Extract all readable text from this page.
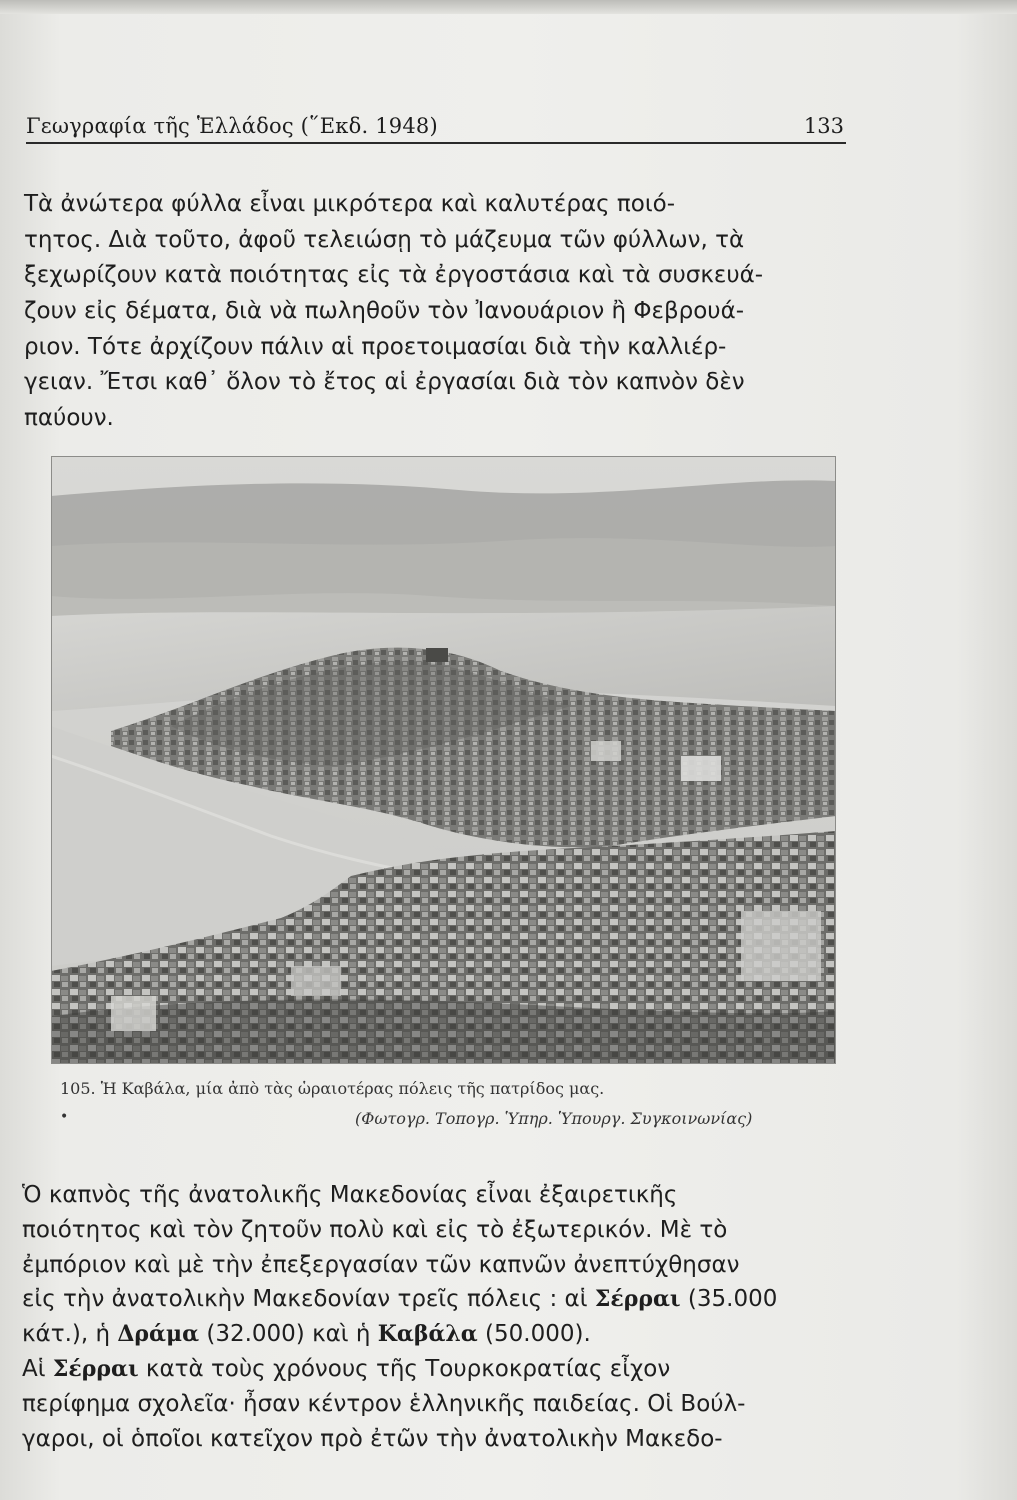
Γεωγραφία τῆς Ἑλλάδος (῞Εκδ. 1948)	133
Τὰ ἀνώτερα φύλλα εἶναι μικρότερα καὶ καλυτέρας ποιό-
τητος. Διὰ τοῦτο, ἀφοῦ τελειώσῃ τὸ μάζευμα τῶν φύλλων, τὰ
ξεχωρίζουν κατὰ ποιότητας εἰς τὰ ἐργοστάσια καὶ τὰ συσκευά-
ζουν εἰς δέματα, διὰ νὰ πωληθοῦν τὸν Ἰανουάριον ἢ Φεβρουά-
ριον. Τότε ἀρχίζουν πάλιν αἱ προετοιμασίαι διὰ τὴν καλλιέρ-
γειαν. Ἔτσι καθ᾽ ὅλον τὸ ἔτος αἱ ἐργασίαι διὰ τὸν καπνὸν δὲν
παύουν.
105. Ἡ Καβάλα, μία ἀπὸ τὰς ὡραιοτέρας πόλεις τῆς πατρίδος μας.
•	(Φωτογρ. Τοπογρ. Ὑπηρ. Ὑπουργ. Συγκοινωνίας)
Ὁ καπνὸς τῆς ἀνατολικῆς Μακεδονίας εἶναι ἐξαιρετικῆς
ποιότητος καὶ τὸν ζητοῦν πολὺ καὶ εἰς τὸ ἐξωτερικόν. Μὲ τὸ
ἐμπόριον καὶ μὲ τὴν ἐπεξεργασίαν τῶν καπνῶν ἀνεπτύχθησαν
εἰς τὴν ἀνατολικὴν Μακεδονίαν τρεῖς πόλεις : αἱ Σέρραι (35.000
κάτ.), ἡ Δράμα (32.000) καὶ ἡ Καβάλα (50.000).
Αἱ Σέρραι κατὰ τοὺς χρόνους τῆς Τουρκοκρατίας εἶχον
περίφημα σχολεῖα· ἦσαν κέντρον ἑλληνικῆς παιδείας. Οἱ Βούλ-
γαροι, οἱ ὁποῖοι κατεῖχον πρὸ ἐτῶν τὴν ἀνατολικὴν Μακεδο-
